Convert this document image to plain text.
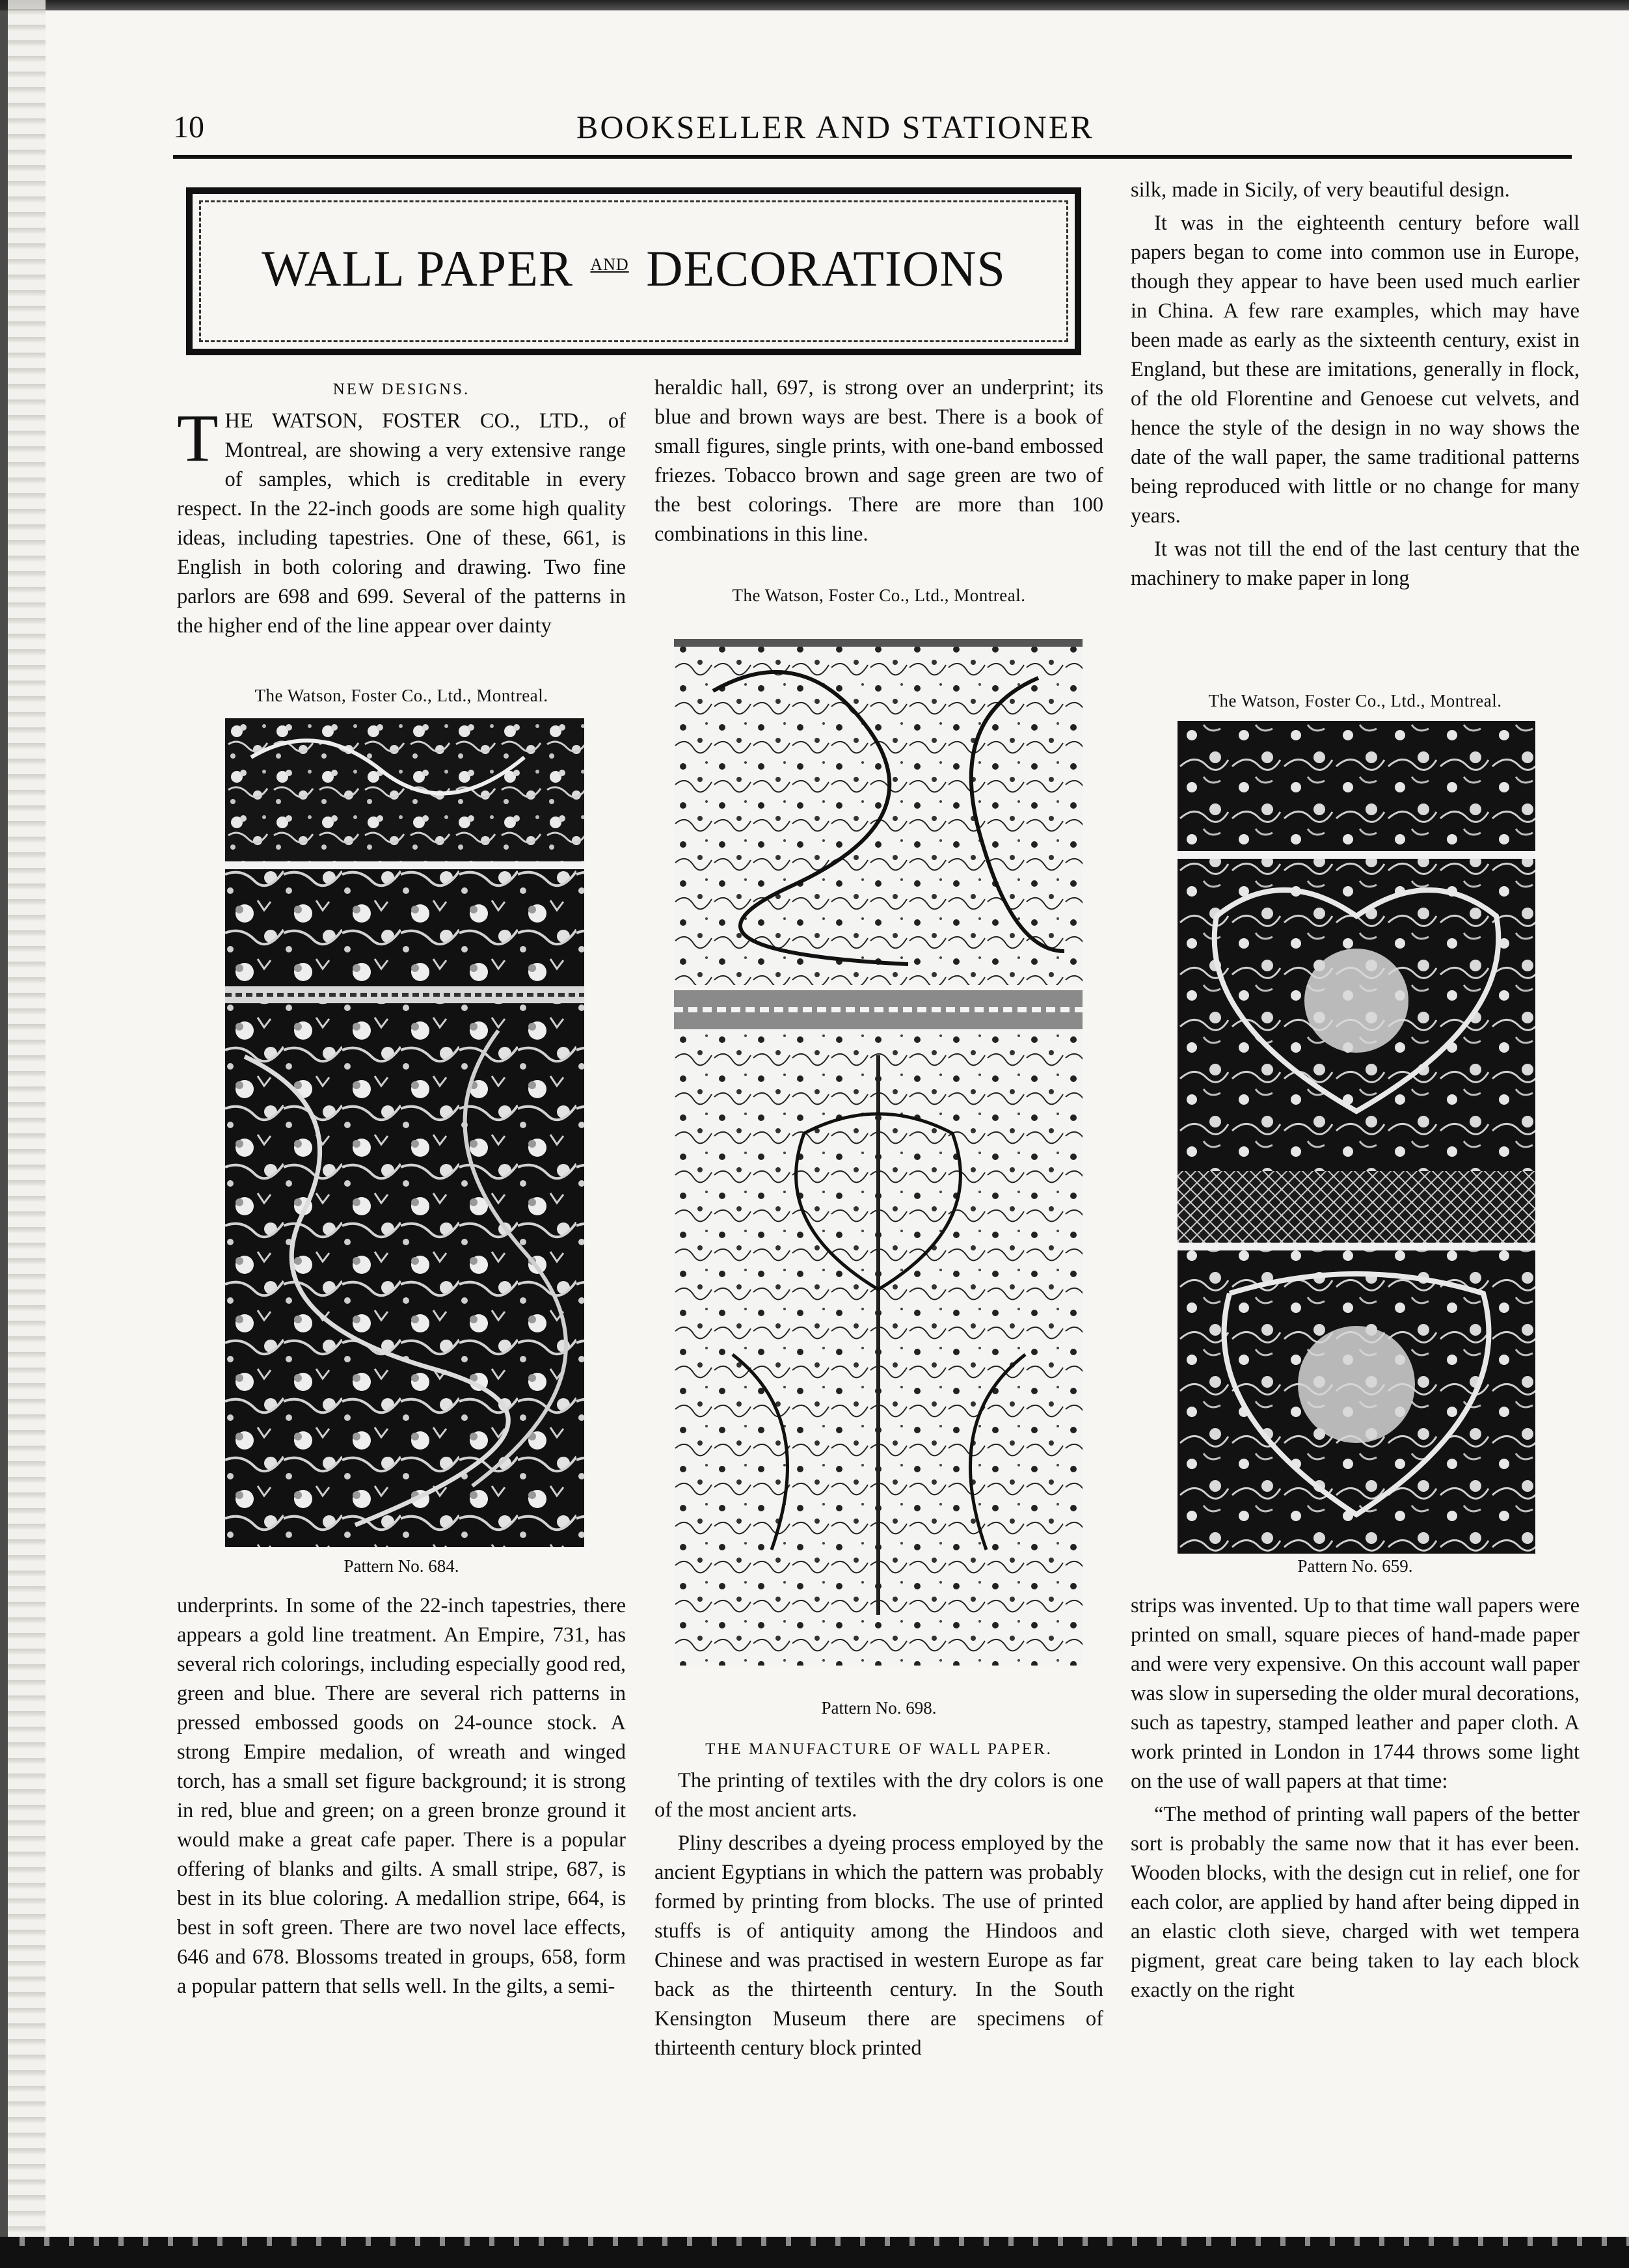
10	BOOKSELLER AND STATIONER
WALL PAPER $^{AND}$ DECORATIONS
NEW DESIGNS.
T HE WATSON, FOSTER CO., LTD., of Montreal, are showing a very extensive range of samples, which is creditable in every respect. In the 22-inch goods are some high quality ideas, including tapestries. One of these, 661, is English in both coloring and drawing. Two fine parlors are 698 and 699. Several of the patterns in the higher end of the line appear over dainty
The Watson, Foster Co., Ltd., Montreal.
Pattern No. 684.

underprints. In some of the 22-inch tapestries, there appears a gold line treatment. An Empire, 731, has several rich colorings, including especially good red, green and blue. There are several rich patterns in pressed embossed goods on 24-ounce stock. A strong Empire medalion, of wreath and winged torch, has a small set figure background; it is strong in red, blue and green; on a green bronze ground it would make a great cafe paper. There is a popular offering of blanks and gilts. A small stripe, 687, is best in its blue coloring. A medallion stripe, 664, is best in soft green. There are two novel lace effects, 646 and 678. Blossoms treated in groups, 658, form a popular pattern that sells well. In the gilts, a semi-

heraldic hall, 697, is strong over an underprint; its blue and brown ways are best. There is a book of small figures, single prints, with one-band embossed friezes. Tobacco brown and sage green are two of the best colorings. There are more than 100 combinations in this line.

The Watson, Foster Co., Ltd., Montreal.
Pattern No. 698.
THE MANUFACTURE OF WALL PAPER.

The printing of textiles with the dry colors is one of the most ancient arts.

Pliny describes a dyeing process employed by the ancient Egyptians in which the pattern was probably formed by printing from blocks. The use of printed stuffs is of antiquity among the Hindoos and Chinese and was practised in western Europe as far back as the thirteenth century. In the South Kensington Museum there are specimens of thirteenth century block printed

silk, made in Sicily, of very beautiful design.

It was in the eighteenth century before wall papers began to come into common use in Europe, though they appear to have been used much earlier in China. A few rare examples, which may have been made as early as the sixteenth century, exist in England, but these are imitations, generally in flock, of the old Florentine and Genoese cut velvets, and hence the style of the design in no way shows the date of the wall paper, the same traditional patterns being reproduced with little or no change for many years.

It was not till the end of the last century that the machinery to make paper in long

The Watson, Foster Co., Ltd., Montreal.
Pattern No. 659.

strips was invented. Up to that time wall papers were printed on small, square pieces of hand-made paper and were very expensive. On this account wall paper was slow in superseding the older mural decorations, such as tapestry, stamped leather and paper cloth. A work printed in London in 1744 throws some light on the use of wall papers at that time:

“The method of printing wall papers of the better sort is probably the same now that it has ever been. Wooden blocks, with the design cut in relief, one for each color, are applied by hand after being dipped in an elastic cloth sieve, charged with wet tempera pigment, great care being taken to lay each block exactly on the right
